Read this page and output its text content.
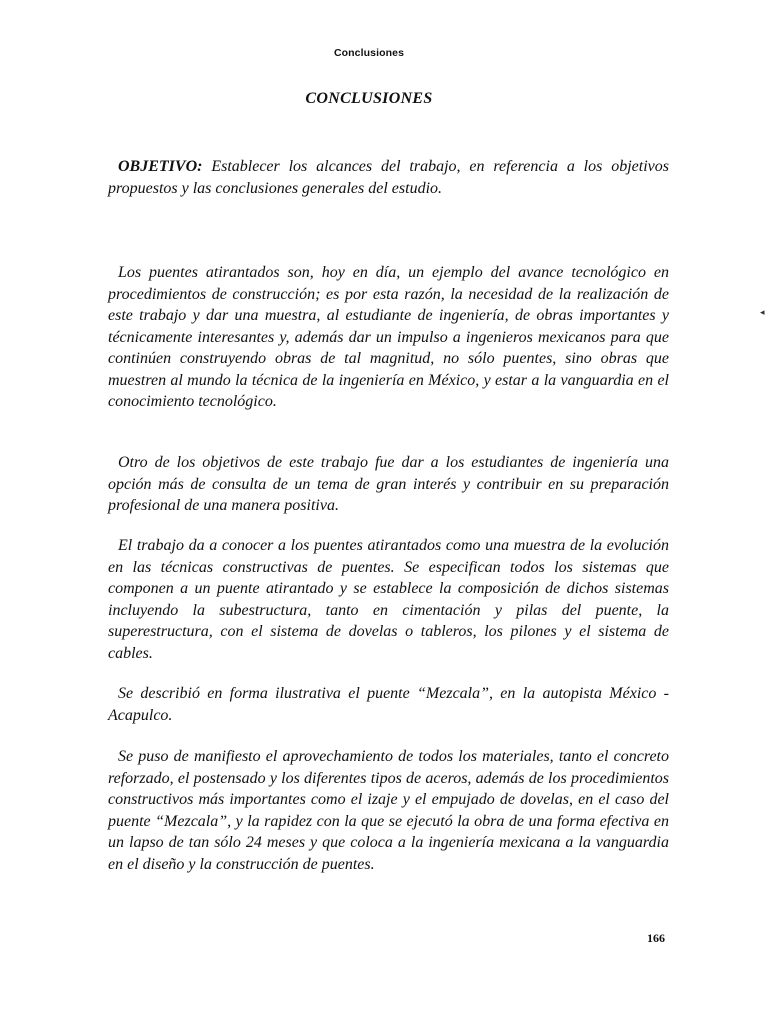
Conclusiones
CONCLUSIONES

OBJETIVO: Establecer los alcances del trabajo, en referencia a los objetivos propuestos y las conclusiones generales del estudio.

Los puentes atirantados son, hoy en día, un ejemplo del avance tecnológico en procedimientos de construcción; es por esta razón, la necesidad de la realización de este trabajo y dar una muestra, al estudiante de ingeniería, de obras importantes y técnicamente interesantes y, además dar un impulso a ingenieros mexicanos para que continúen construyendo obras de tal magnitud, no sólo puentes, sino obras que muestren al mundo la técnica de la ingeniería en México, y estar a la vanguardia en el conocimiento tecnológico.

Otro de los objetivos de este trabajo fue dar a los estudiantes de ingeniería una opción más de consulta de un tema de gran interés y contribuir en su preparación profesional de una manera positiva.

El trabajo da a conocer a los puentes atirantados como una muestra de la evolución en las técnicas constructivas de puentes. Se especifican todos los sistemas que componen a un puente atirantado y se establece la composición de dichos sistemas incluyendo la subestructura, tanto en cimentación y pilas del puente, la superestructura, con el sistema de dovelas o tableros, los pilones y el sistema de cables.

Se describió en forma ilustrativa el puente “Mezcala”, en la autopista México - Acapulco.

Se puso de manifiesto el aprovechamiento de todos los materiales, tanto el concreto reforzado, el postensado y los diferentes tipos de aceros, además de los procedimientos constructivos más importantes como el izaje y el empujado de dovelas, en el caso del puente “Mezcala”, y la rapidez con la que se ejecutó la obra de una forma efectiva en un lapso de tan sólo 24 meses y que coloca a la ingeniería mexicana a la vanguardia en el diseño y la construcción de puentes.

◂
166
